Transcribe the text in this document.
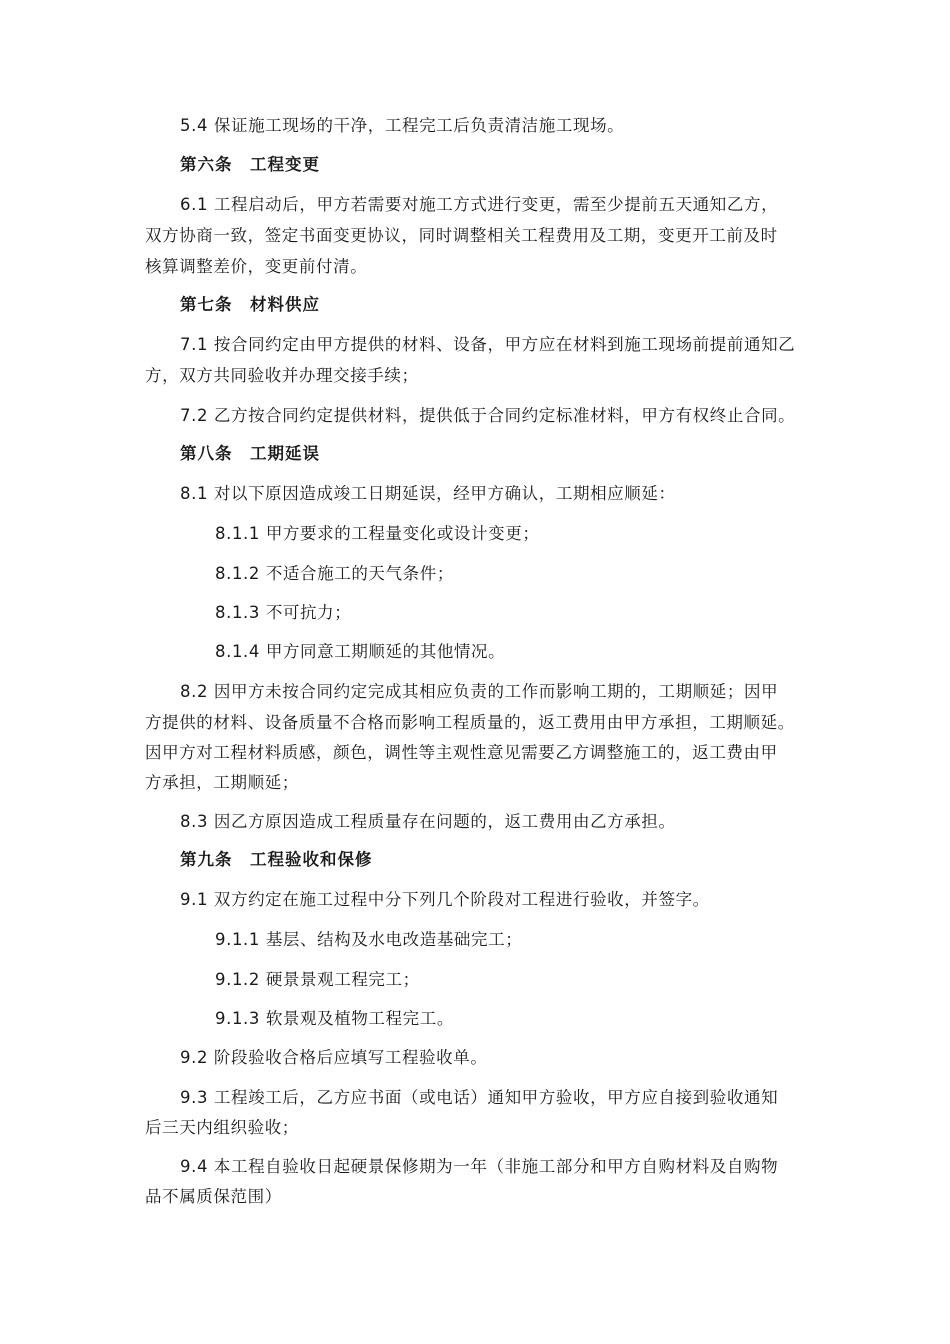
5.4 保证施工现场的干净，工程完工后负责清洁施工现场。
第六条　工程变更
6.1 工程启动后，甲方若需要对施工方式进行变更，需至少提前五天通知乙方，
双方协商一致，签定书面变更协议，同时调整相关工程费用及工期，变更开工前及时
核算调整差价，变更前付清。
第七条　材料供应
7.1 按合同约定由甲方提供的材料、设备，甲方应在材料到施工现场前提前通知乙
方，双方共同验收并办理交接手续；
7.2 乙方按合同约定提供材料，提供低于合同约定标准材料，甲方有权终止合同。
第八条　工期延误
8.1 对以下原因造成竣工日期延误，经甲方确认，工期相应顺延：
8.1.1 甲方要求的工程量变化或设计变更；
8.1.2 不适合施工的天气条件；
8.1.3 不可抗力；
8.1.4 甲方同意工期顺延的其他情况。
8.2 因甲方未按合同约定完成其相应负责的工作而影响工期的，工期顺延；因甲
方提供的材料、设备质量不合格而影响工程质量的，返工费用由甲方承担，工期顺延。
因甲方对工程材料质感，颜色，调性等主观性意见需要乙方调整施工的，返工费由甲
方承担，工期顺延；
8.3 因乙方原因造成工程质量存在问题的，返工费用由乙方承担。
第九条　工程验收和保修
9.1 双方约定在施工过程中分下列几个阶段对工程进行验收，并签字。
9.1.1 基层、结构及水电改造基础完工；
9.1.2 硬景景观工程完工；
9.1.3 软景观及植物工程完工。
9.2 阶段验收合格后应填写工程验收单。
9.3 工程竣工后，乙方应书面（或电话）通知甲方验收，甲方应自接到验收通知
后三天内组织验收；
9.4 本工程自验收日起硬景保修期为一年（非施工部分和甲方自购材料及自购物
品不属质保范围）
